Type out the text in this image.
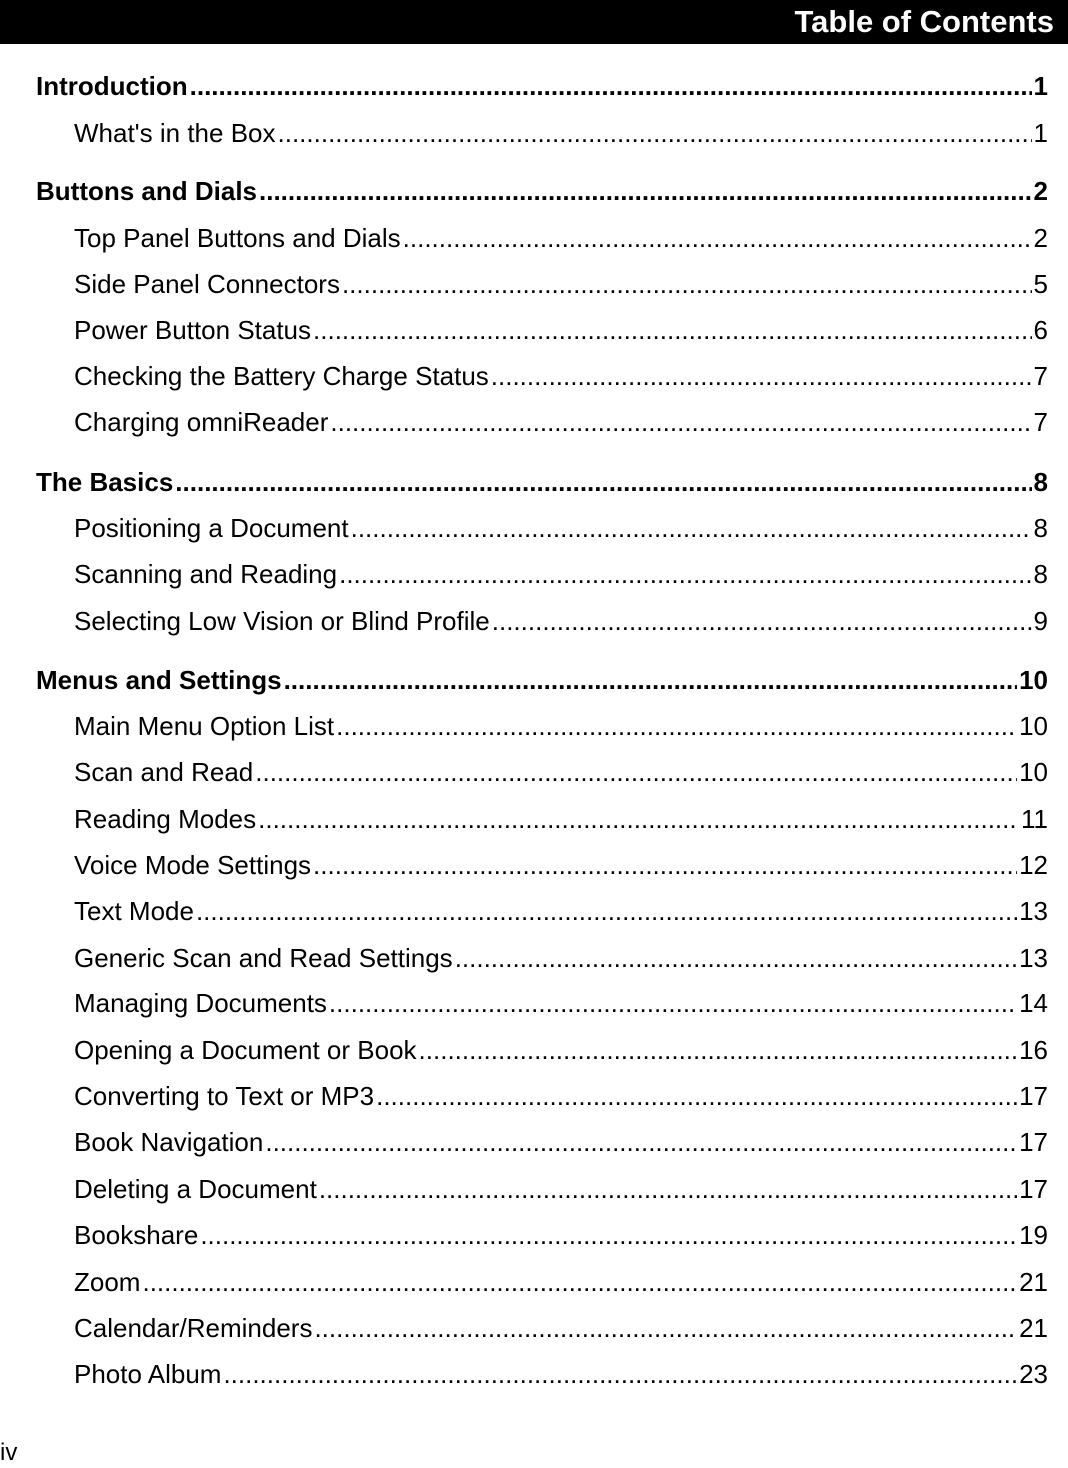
Table of Contents
Introduction .....	1
What's in the Box .....	1
Buttons and Dials .....	2
Top Panel Buttons and Dials .....	2
Side Panel Connectors .....	5
Power Button Status .....	6
Checking the Battery Charge Status .....	7
Charging omniReader .....	7
The Basics .....	8
Positioning a Document .....	8
Scanning and Reading .....	8
Selecting Low Vision or Blind Profile .....	9
Menus and Settings .....	10
Main Menu Option List .....	10
Scan and Read .....	10
Reading Modes .....	11
Voice Mode Settings .....	12
Text Mode .....	13
Generic Scan and Read Settings .....	13
Managing Documents .....	14
Opening a Document or Book .....	16
Converting to Text or MP3 .....	17
Book Navigation .....	17
Deleting a Document .....	17
Bookshare .....	19
Zoom .....	21
Calendar/Reminders .....	21
Photo Album .....	23
iv
